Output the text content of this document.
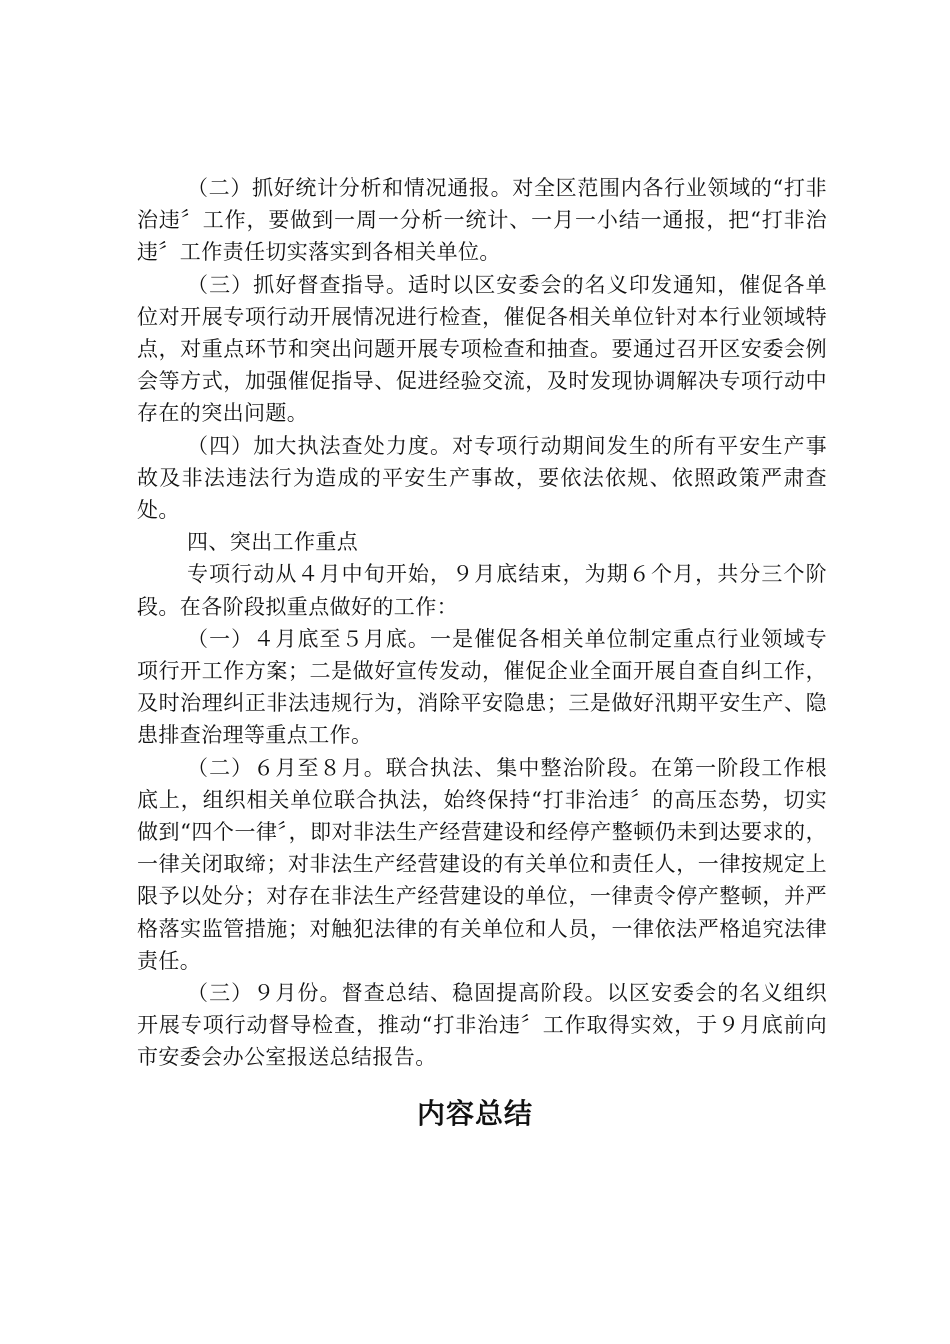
（二）抓好统计分析和情况通报。对全区范围内各行业领域的“打非治违〞工作，要做到一周一分析一统计、一月一小结一通报，把“打非治违〞工作责任切实落实到各相关单位。

（三）抓好督查指导。适时以区安委会的名义印发通知，催促各单位对开展专项行动开展情况进行检查，催促各相关单位针对本行业领域特点，对重点环节和突出问题开展专项检查和抽查。要通过召开区安委会例会等方式，加强催促指导、促进经验交流，及时发现协调解决专项行动中存在的突出问题。

（四）加大执法查处力度。对专项行动期间发生的所有平安生产事故及非法违法行为造成的平安生产事故，要依法依规、依照政策严肃查处。

四、突出工作重点

专项行动从４月中旬开始，９月底结束，为期６个月，共分三个阶段。在各阶段拟重点做好的工作：

（一）４月底至５月底。一是催促各相关单位制定重点行业领域专项行开工作方案；二是做好宣传发动，催促企业全面开展自查自纠工作，及时治理纠正非法违规行为，消除平安隐患；三是做好汛期平安生产、隐患排查治理等重点工作。

（二）６月至８月。联合执法、集中整治阶段。在第一阶段工作根底上，组织相关单位联合执法，始终保持“打非治违〞的高压态势，切实做到“四个一律〞，即对非法生产经营建设和经停产整顿仍未到达要求的，一律关闭取缔；对非法生产经营建设的有关单位和责任人，一律按规定上限予以处分；对存在非法生产经营建设的单位，一律责令停产整顿，并严格落实监管措施；对触犯法律的有关单位和人员，一律依法严格追究法律责任。

（三）９月份。督查总结、稳固提高阶段。以区安委会的名义组织开展专项行动督导检查，推动“打非治违〞工作取得实效，于９月底前向市安委会办公室报送总结报告。

内容总结
